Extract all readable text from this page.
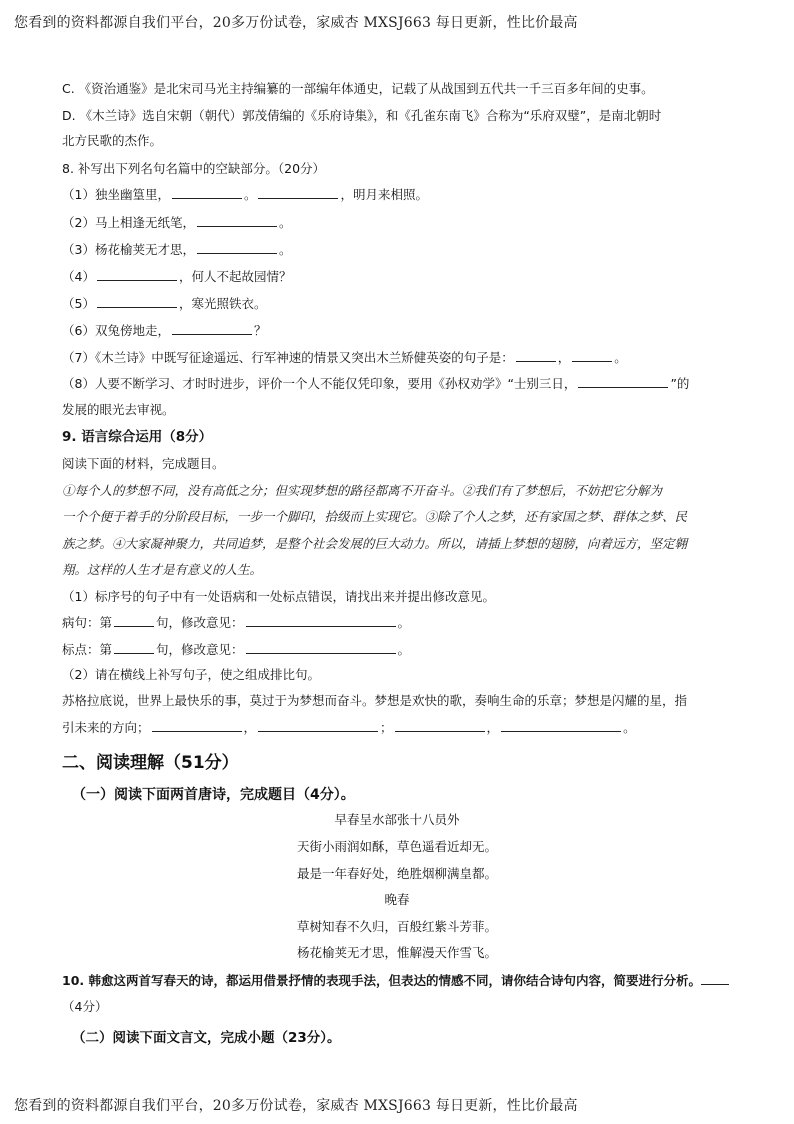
您看到的资料都源自我们平台，20多万份试卷，家威杏 MXSJ663 每日更新，性比价最高
C. 《资治通鉴》是北宋司马光主持编纂的一部编年体通史，记载了从战国到五代共一千三百多年间的史事。
D. 《木兰诗》选自宋朝（朝代）郭茂倩编的《乐府诗集》，和《孔雀东南飞》合称为“乐府双璧”，是南北朝时
北方民歌的杰作。
8. 补写出下列名句名篇中的空缺部分。（20分）
（1）独坐幽篁里，	。	，明月来相照。
（2）马上相逢无纸笔，	。
（3）杨花榆荚无才思，	。
（4）	，何人不起故园情？
（5）	，寒光照铁衣。
（6）双兔傍地走，	？
（7）《木兰诗》中既写征途遥远、行军神速的情景又突出木兰矫健英姿的句子是：	，	。
（8）人要不断学习、才时时进步，评价一个人不能仅凭印象，要用《孙权劝学》“士别三日，	”的
发展的眼光去审视。
9. 语言综合运用（8分）
阅读下面的材料，完成题目。
①每个人的梦想不同，没有高低之分；但实现梦想的路径都离不开奋斗。②我们有了梦想后，不妨把它分解为
一个个便于着手的分阶段目标，一步一个脚印，拾级而上实现它。③除了个人之梦，还有家国之梦、群体之梦、民
族之梦。④大家凝神聚力，共同追梦，是整个社会发展的巨大动力。所以，请插上梦想的翅膀，向着远方，坚定翱
翔。这样的人生才是有意义的人生。
（1）标序号的句子中有一处语病和一处标点错误，请找出来并提出修改意见。
病句：第	句，修改意见：	。
标点：第	句，修改意见：	。
（2）请在横线上补写句子，使之组成排比句。
苏格拉底说，世界上最快乐的事，莫过于为梦想而奋斗。梦想是欢快的歌，奏响生命的乐章；梦想是闪耀的星，指
引未来的方向；	，	；	，	。
二、阅读理解（51分）
（一）阅读下面两首唐诗，完成题目（4分）。
早春呈水部张十八员外
天街小雨润如酥，草色遥看近却无。
最是一年春好处，绝胜烟柳满皇都。
晚春
草树知春不久归，百般红紫斗芳菲。
杨花榆荚无才思，惟解漫天作雪飞。
10. 韩愈这两首写春天的诗，都运用借景抒情的表现手法，但表达的情感不同，请你结合诗句内容，简要进行分析。
（4分）
（二）阅读下面文言文，完成小题（23分）。
您看到的资料都源自我们平台，20多万份试卷，家威杏 MXSJ663 每日更新，性比价最高
